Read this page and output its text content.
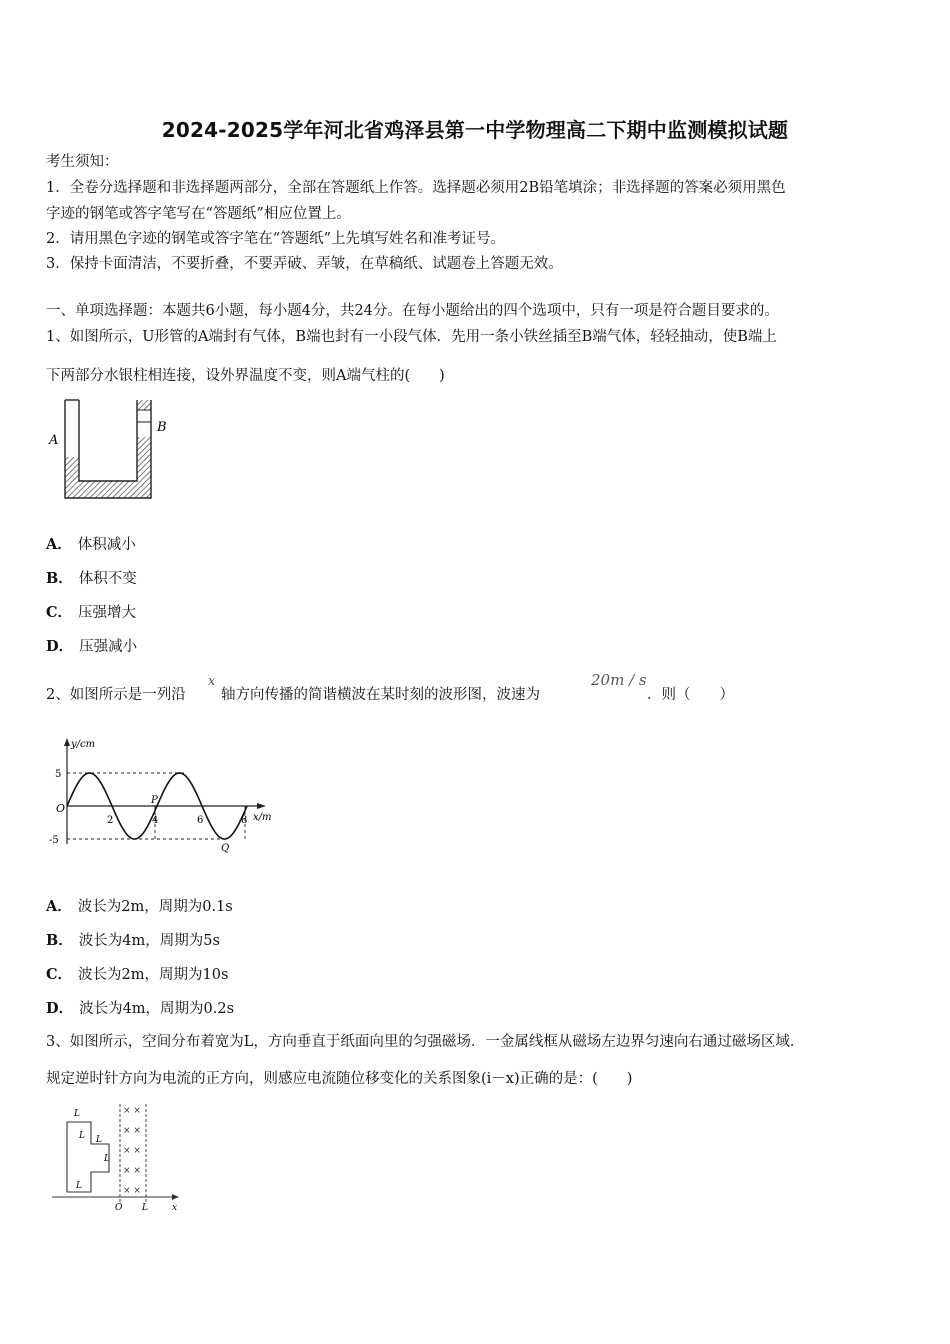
2024-2025学年河北省鸡泽县第一中学物理高二下期中监测模拟试题
考生须知：
1．全卷分选择题和非选择题两部分，全部在答题纸上作答。选择题必须用2B铅笔填涂；非选择题的答案必须用黑色
字迹的钢笔或答字笔写在“答题纸”相应位置上。
2．请用黑色字迹的钢笔或答字笔在“答题纸”上先填写姓名和准考证号。
3．保持卡面清洁，不要折叠，不要弄破、弄皱，在草稿纸、试题卷上答题无效。
一、单项选择题：本题共6小题，每小题4分，共24分。在每小题给出的四个选项中，只有一项是符合题目要求的。
1、如图所示，U形管的A端封有气体，B端也封有一小段气体．先用一条小铁丝插至B端气体，轻轻抽动，使B端上
下两部分水银柱相连接，设外界温度不变，则A端气柱的(　　)
A
B
A． 体积减小
B． 体积不变
C． 压强增大
D． 压强减小
2、如图所示是一列沿
x
轴方向传播的简谐横波在某时刻的波形图，波速为
20m / s
．则（　　）
y/cm
x/m
5
-5
O
2	4	6	8
P
Q
A． 波长为2m，周期为0.1s
B． 波长为4m，周期为5s
C． 波长为2m，周期为10s
D． 波长为4m，周期为0.2s
3、如图所示，空间分布着宽为L，方向垂直于纸面向里的匀强磁场．一金属线框从磁场左边界匀速向右通过磁场区域．
规定逆时针方向为电流的正方向，则感应电流随位移变化的关系图象(i－x)正确的是：(　　)
× ×
× ×
× ×
× ×
× ×
L
L L
L
L
O L	x
